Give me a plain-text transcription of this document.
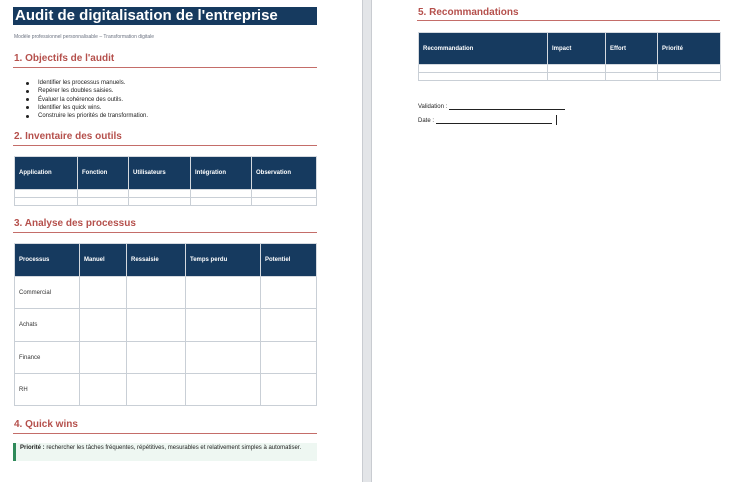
Audit de digitalisation de l'entreprise
Modèle professionnel personnalisable – Transformation digitale
1. Objectifs de l'audit
Identifier les processus manuels.
Repérer les doubles saisies.
Évaluer la cohérence des outils.
Identifier les quick wins.
Construire les priorités de transformation.
2. Inventaire des outils
Application	Fonction	Utilisateurs	Intégration	Observation

3. Analyse des processus
Processus	Manuel	Ressaisie	Temps perdu	Potentiel
Commercial				
Achats				
Finance				
RH				
4. Quick wins
Priorité : rechercher les tâches fréquentes, répétitives, mesurables et relativement simples à automatiser.
5. Recommandations
Recommandation	Impact	Effort	Priorité

Validation :
Date :
